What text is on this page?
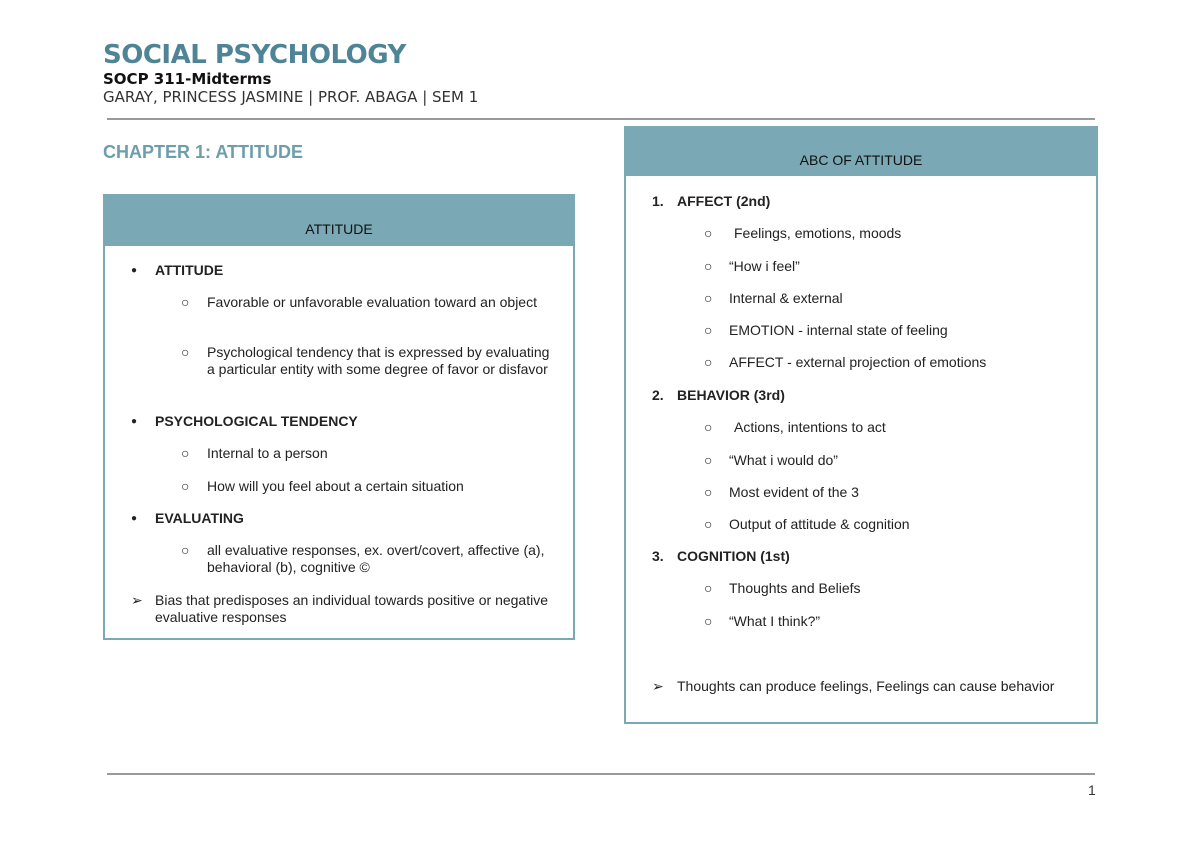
SOCIAL PSYCHOLOGY
SOCP 311-Midterms
GARAY, PRINCESS JASMINE | PROF. ABAGA | SEM 1
CHAPTER 1: ATTITUDE
ATTITUDE
● ATTITUDE
○ Favorable or unfavorable evaluation toward an object
○ Psychological tendency that is expressed by evaluating a particular entity with some degree of favor or disfavor
● PSYCHOLOGICAL TENDENCY
○ Internal to a person
○ How will you feel about a certain situation
● EVALUATING
○ all evaluative responses, ex. overt/covert, affective (a), behavioral (b), cognitive ©
➢ Bias that predisposes an individual towards positive or negative evaluative responses
ABC OF ATTITUDE
1. AFFECT (2nd)
○ Feelings, emotions, moods
○ “How i feel”
○ Internal & external
○ EMOTION - internal state of feeling
○ AFFECT - external projection of emotions
2. BEHAVIOR (3rd)
○ Actions, intentions to act
○ “What i would do”
○ Most evident of the 3
○ Output of attitude & cognition
3. COGNITION (1st)
○ Thoughts and Beliefs
○ “What I think?”
➢ Thoughts can produce feelings, Feelings can cause behavior
1
